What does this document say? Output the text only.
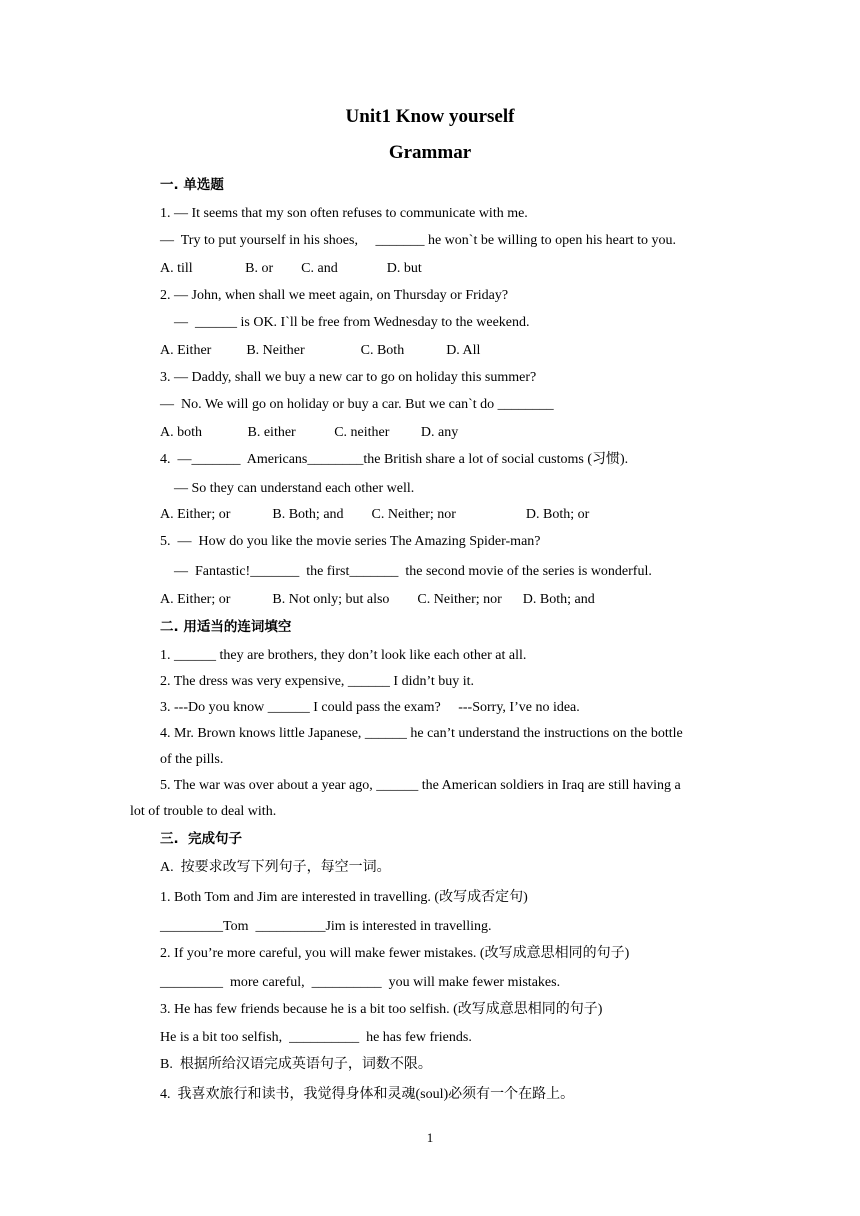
Unit1 Know yourself
Grammar
一. 单选题
1. — It seems that my son often refuses to communicate with me.
—  Try to put yourself in his shoes,     _______ he won`t be willing to open his heart to you.
A. till               B. or        C. and              D. but
2. — John, when shall we meet again, on Thursday or Friday?
—  ______ is OK. I`ll be free from Wednesday to the weekend.
A. Either          B. Neither                C. Both            D. All
3. — Daddy, shall we buy a new car to go on holiday this summer?
—  No. We will go on holiday or buy a car. But we can`t do ________
A. both             B. either           C. neither         D. any
4.  —_______  Americans________the British share a lot of social customs (习惯).
— So they can understand each other well.
A. Either; or            B. Both; and        C. Neither; nor                    D. Both; or
5.  —  How do you like the movie series The Amazing Spider-man?
—  Fantastic!_______  the first_______  the second movie of the series is wonderful.
A. Either; or            B. Not only; but also        C. Neither; nor      D. Both; and
二. 用适当的连词填空
1. ______ they are brothers, they don’t look like each other at all.
2. The dress was very expensive, ______ I didn’t buy it.
3. ---Do you know ______ I could pass the exam?     ---Sorry, I’ve no idea.
4. Mr. Brown knows little Japanese, ______ he can’t understand the instructions on the bottle
of the pills.
5. The war was over about a year ago, ______ the American soldiers in Iraq are still having a
lot of trouble to deal with.
三.  完成句子
A.  按要求改写下列句子，每空一词。
1. Both Tom and Jim are interested in travelling. (改写成否定句)
_________Tom  __________Jim is interested in travelling.
2. If you’re more careful, you will make fewer mistakes. (改写成意思相同的句子)
_________  more careful,  __________  you will make fewer mistakes.
3. He has few friends because he is a bit too selfish. (改写成意思相同的句子)
He is a bit too selfish,  __________  he has few friends.
B.  根据所给汉语完成英语句子，词数不限。
4.  我喜欢旅行和读书，我觉得身体和灵魂(soul)必须有一个在路上。
1
